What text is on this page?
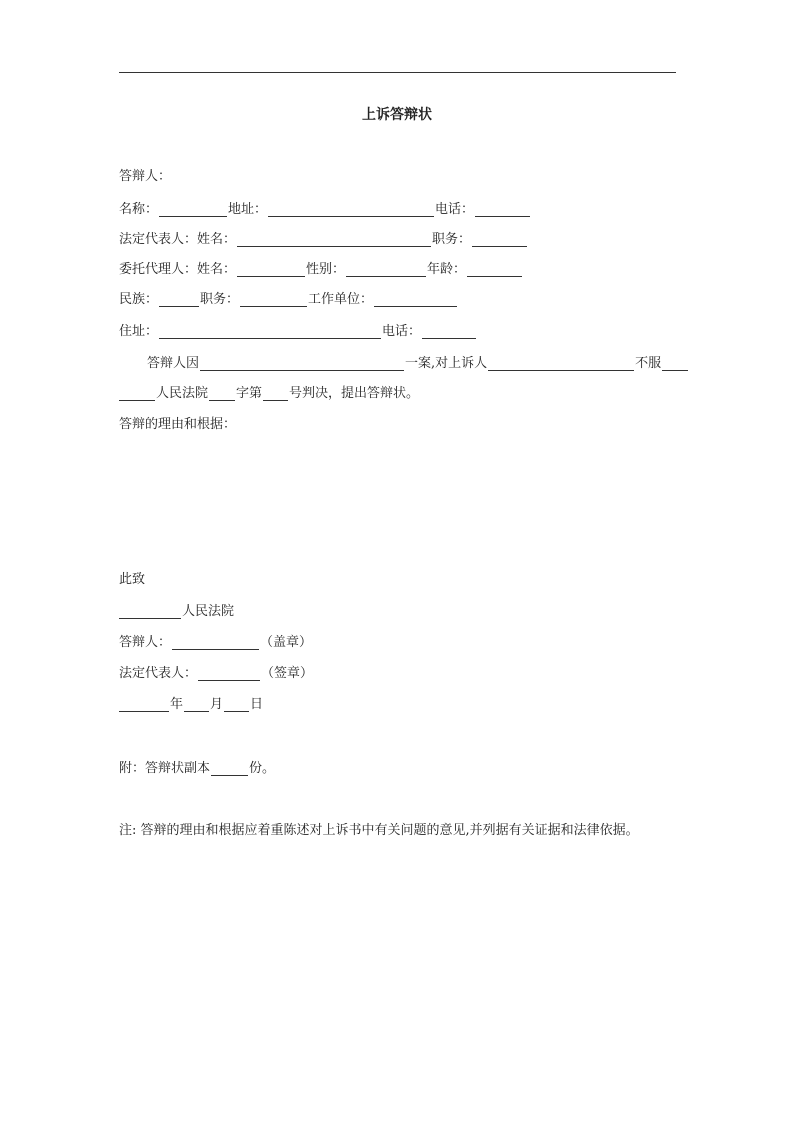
上诉答辩状
答辩人：
名称：	地址：	电话：
法定代表人：姓名：	职务：
委托代理人：姓名：	性别：	年龄：
民族：	职务：	工作单位：
住址：	电话：
答辩人因	一案,对上诉人	不服
人民法院 字第 号判决，提出答辩状。
答辩的理由和根据：
此致
人民法院
答辩人：	（盖章）
法定代表人：	（签章）
年 月 日
附：答辩状副本	份。
注: 答辩的理由和根据应着重陈述对上诉书中有关问题的意见,并列据有关证据和法律依据。
